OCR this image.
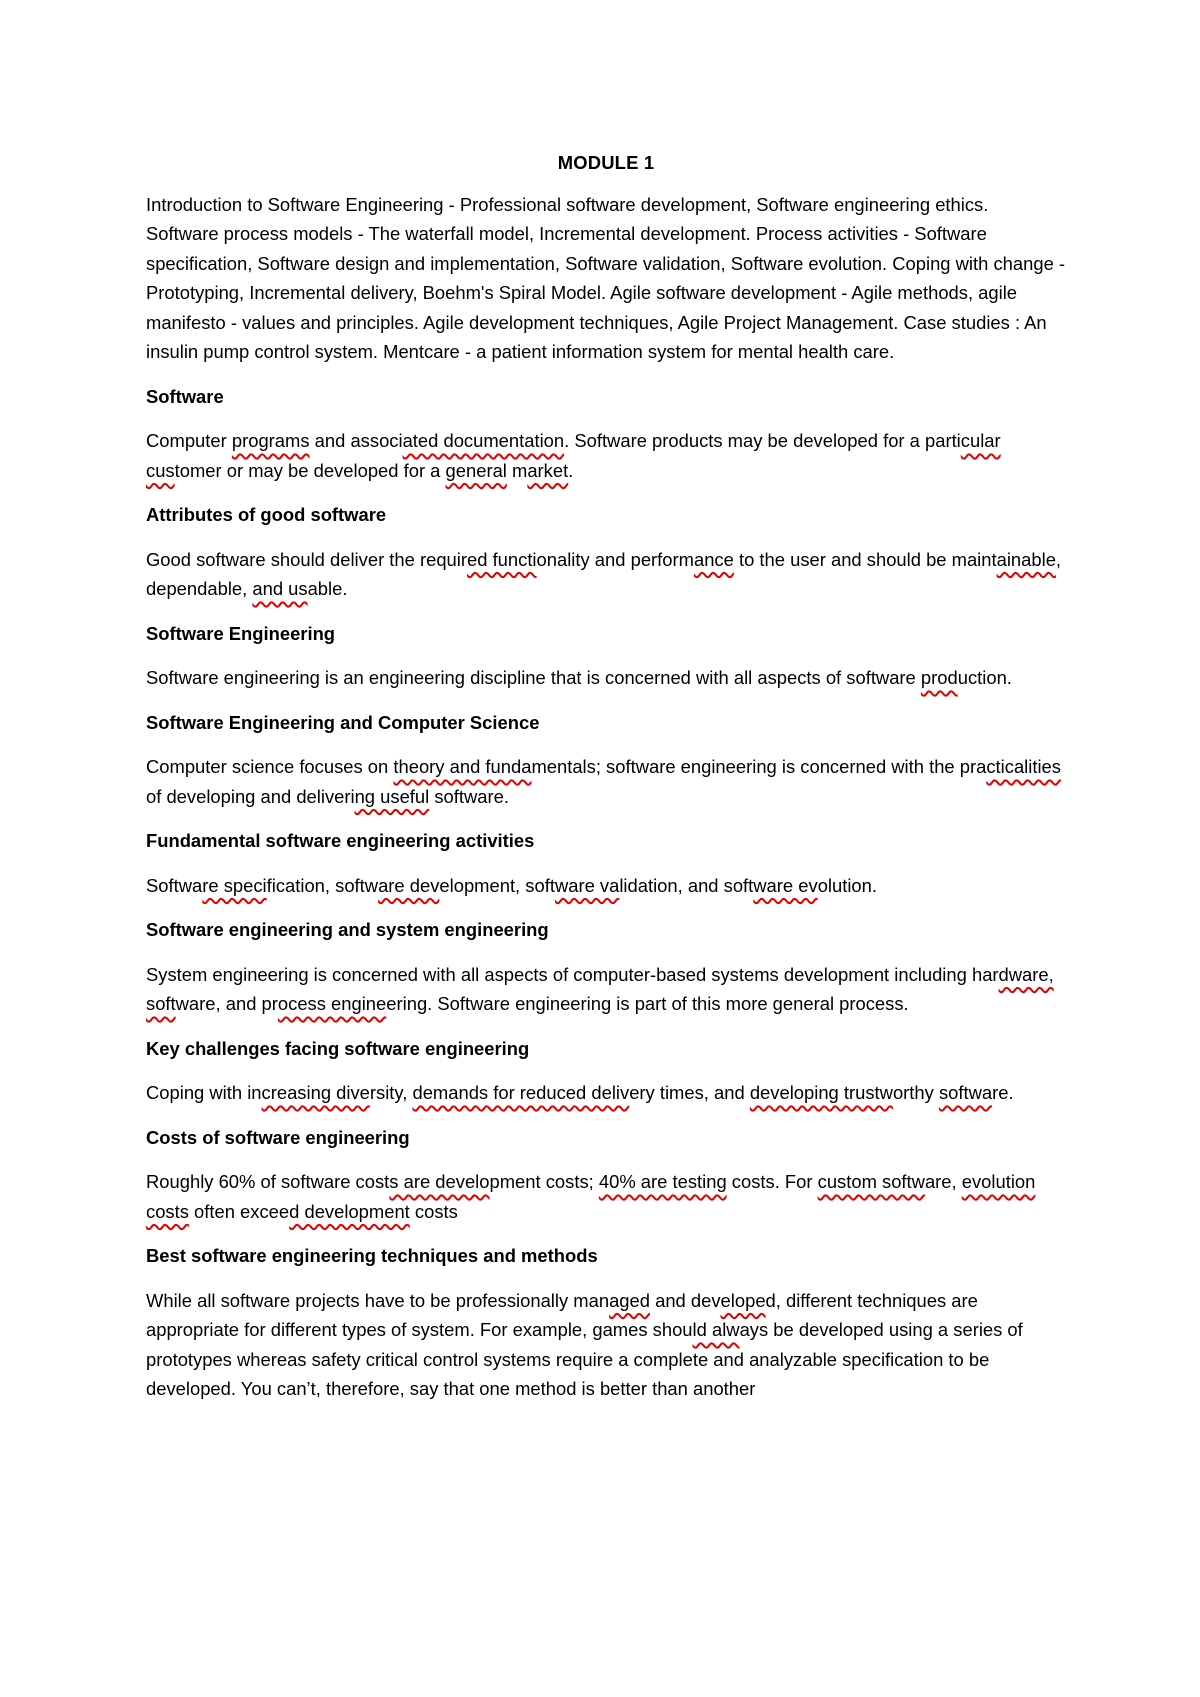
MODULE 1
Introduction to Software Engineering - Professional software development, Software engineering ethics. Software process models - The waterfall model, Incremental development. Process activities - Software specification, Software design and implementation, Software validation, Software evolution. Coping with change - Prototyping, Incremental delivery, Boehm's Spiral Model. Agile software development - Agile methods, agile manifesto - values and principles. Agile development techniques, Agile Project Management. Case studies : An insulin pump control system. Mentcare - a patient information system for mental health care.
Software
Computer programs and associated documentation. Software products may be developed for a particular customer or may be developed for a general market.
Attributes of good software
Good software should deliver the required functionality and performance to the user and should be maintainable, dependable, and usable.
Software Engineering
Software engineering is an engineering discipline that is concerned with all aspects of software production.
Software Engineering and Computer Science
Computer science focuses on theory and fundamentals; software engineering is concerned with the practicalities of developing and delivering useful software.
Fundamental software engineering activities
Software specification, software development, software validation, and software evolution.
Software engineering and system engineering
System engineering is concerned with all aspects of computer-based systems development including hardware, software, and process engineering. Software engineering is part of this more general process.
Key challenges facing software engineering
Coping with increasing diversity, demands for reduced delivery times, and developing trustworthy software.
Costs of software engineering
Roughly 60% of software costs are development costs; 40% are testing costs. For custom software, evolution costs often exceed development costs
Best software engineering techniques and methods
While all software projects have to be professionally managed and developed, different techniques are appropriate for different types of system. For example, games should always be developed using a series of prototypes whereas safety critical control systems require a complete and analyzable specification to be developed. You can’t, therefore, say that one method is better than another
